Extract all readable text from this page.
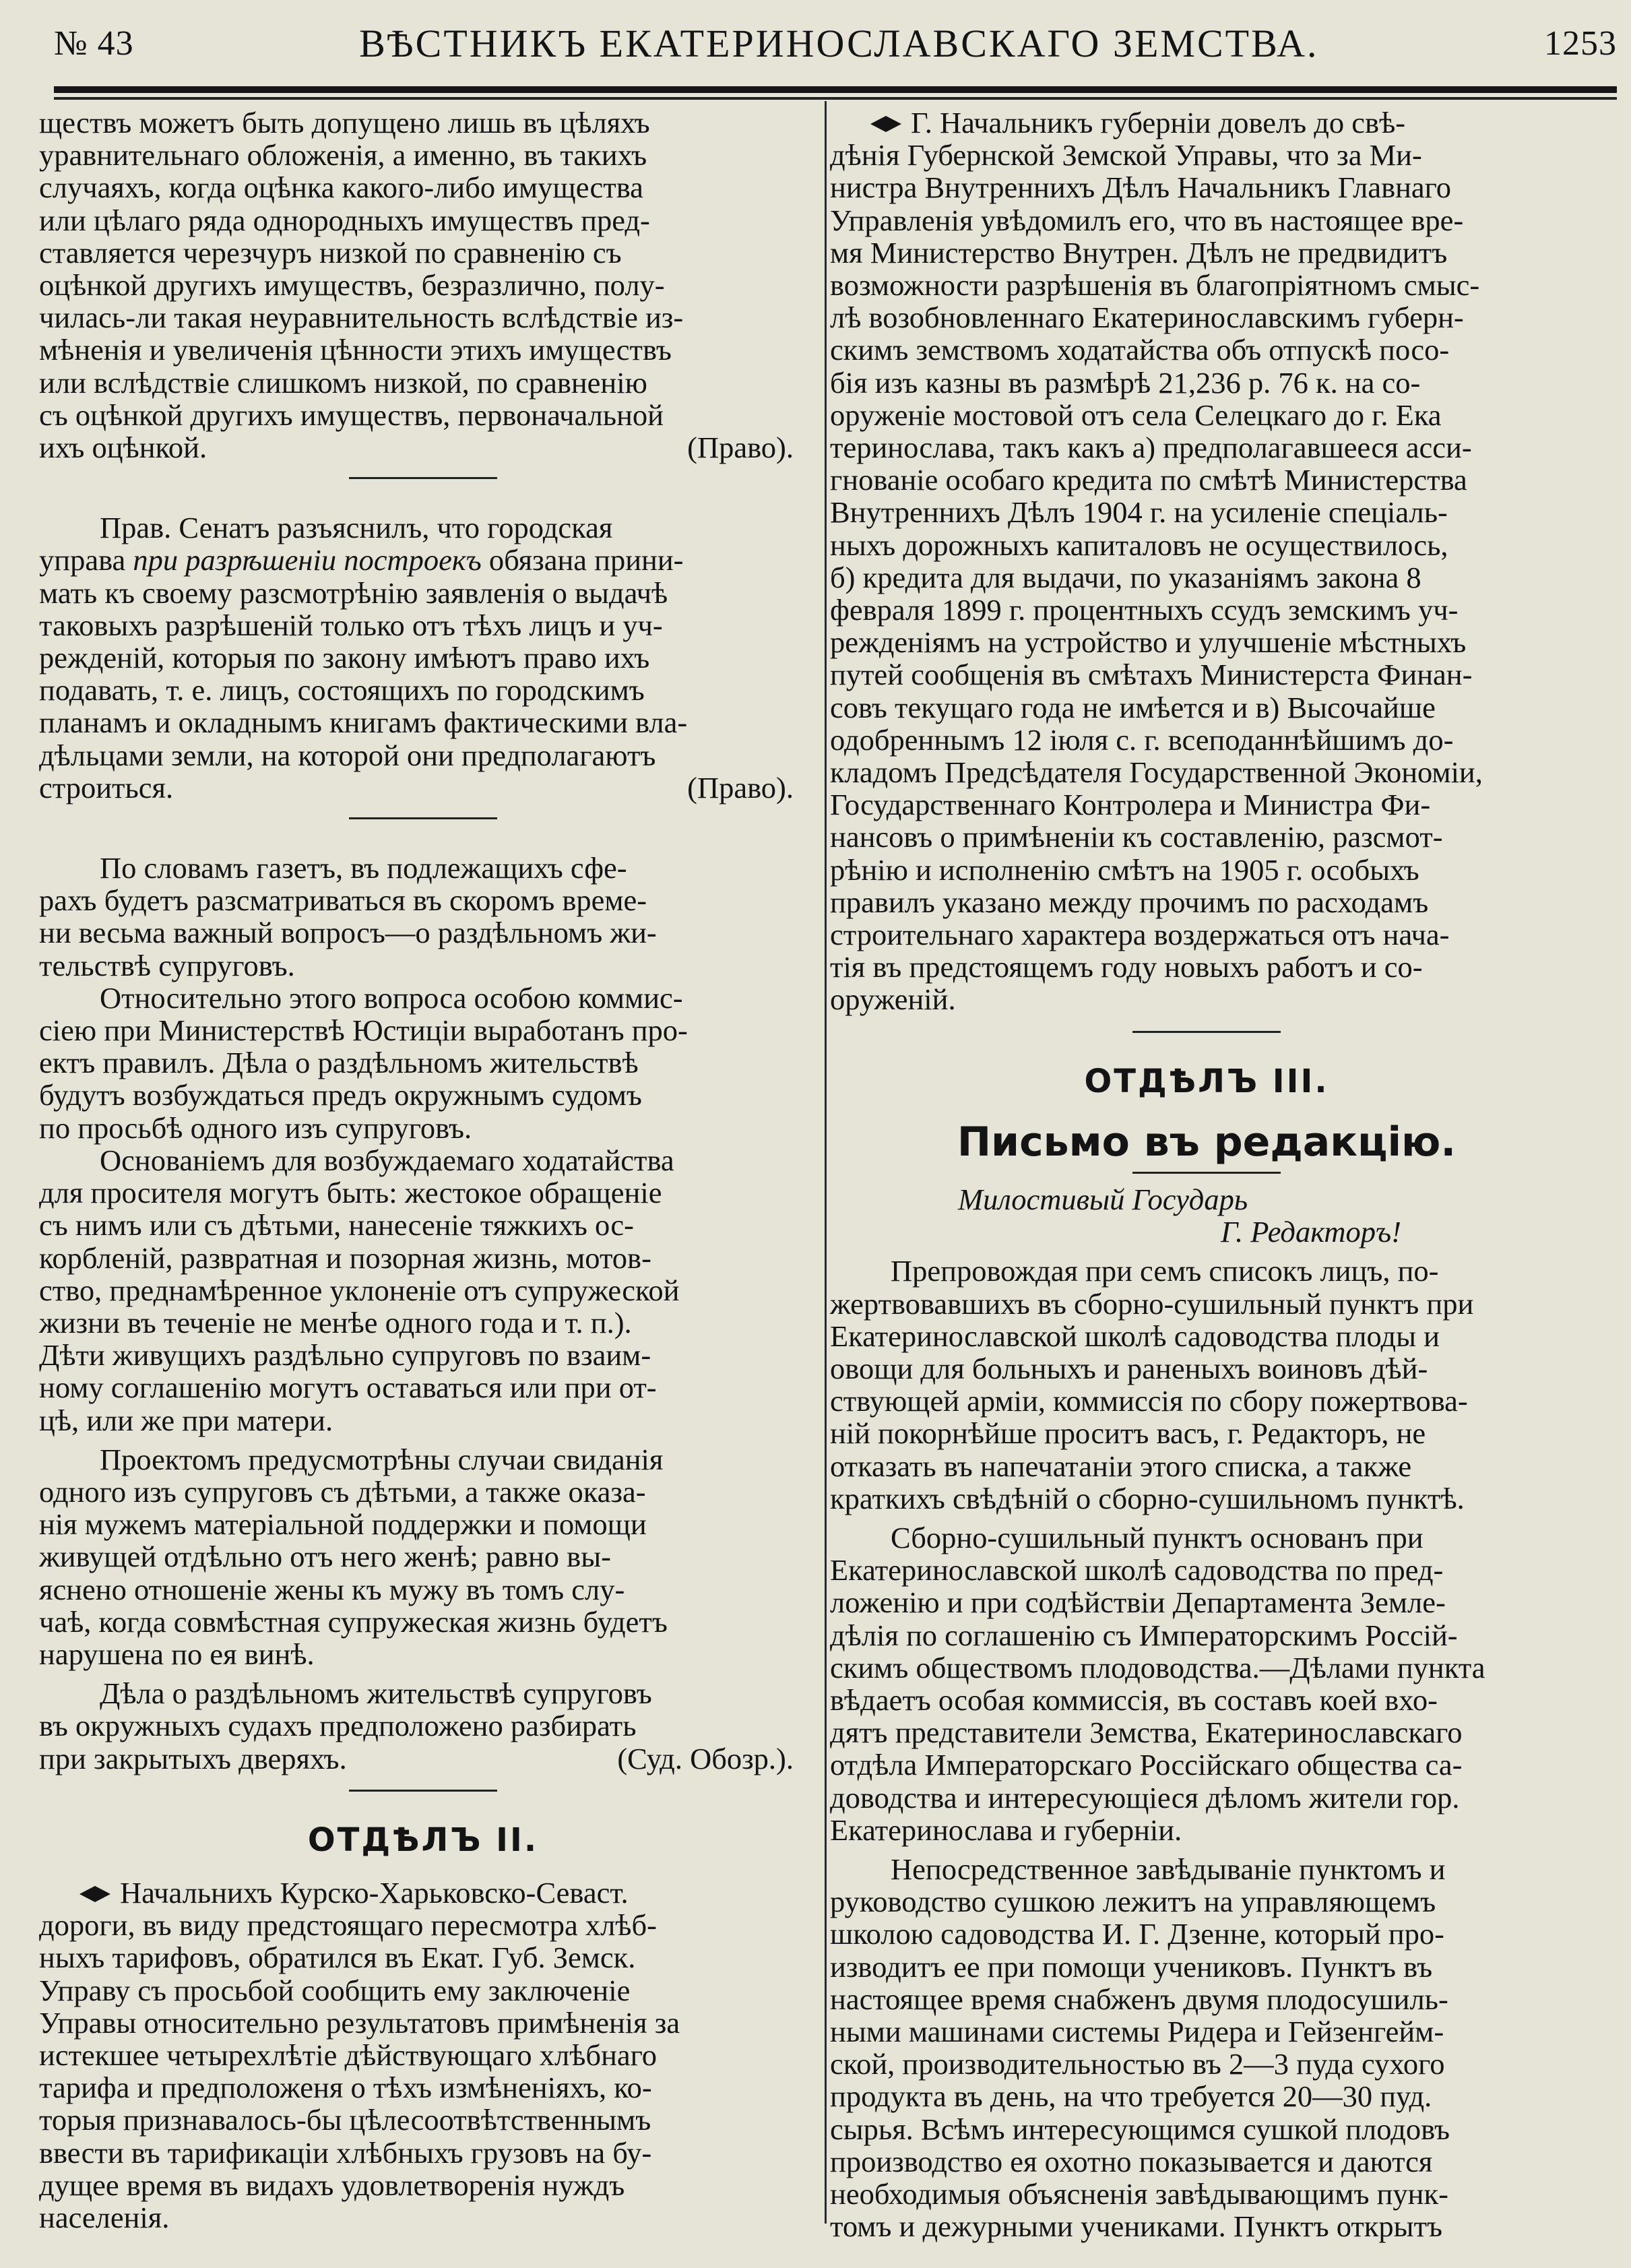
№ 43	ВѢСТНИКЪ ЕКАТЕРИНОСЛАВСКАГО ЗЕМСТВА.	1253
ществъ можетъ быть допущено лишь въ цѣляхъ
уравнительнаго обложенія, а именно, въ такихъ
случаяхъ, когда оцѣнка какого-либо имущества
или цѣлаго ряда однородныхъ имуществъ пред-
ставляется черезчуръ низкой по сравненію съ
оцѣнкой другихъ имуществъ, безразлично, полу-
чилась-ли такая неуравнительность вслѣдствіе из-
мѣненія и увеличенія цѣнности этихъ имуществъ
или вслѣдствіе слишкомъ низкой, по сравненію
съ оцѣнкой другихъ имуществъ, первоначальной
ихъ оцѣнкой.	(Право).
Прав. Сенатъ разъяснилъ, что городская
управа при разрѣшеніи построекъ обязана прини-
мать къ своему разсмотрѣнію заявленія о выдачѣ
таковыхъ разрѣшеній только отъ тѣхъ лицъ и уч-
режденій, которыя по закону имѣютъ право ихъ
подавать, т. е. лицъ, состоящихъ по городскимъ
планамъ и окладнымъ книгамъ фактическими вла-
дѣльцами земли, на которой они предполагаютъ
строиться.	(Право).
По словамъ газетъ, въ подлежащихъ сфе-
рахъ будетъ разсматриваться въ скоромъ време-
ни весьма важный вопросъ—о раздѣльномъ жи-
тельствѣ супруговъ.
Относительно этого вопроса особою коммис-
сіею при Министерствѣ Юстиціи выработанъ про-
ектъ правилъ. Дѣла о раздѣльномъ жительствѣ
будутъ возбуждаться предъ окружнымъ судомъ
по просьбѣ одного изъ супруговъ.
Основаніемъ для возбуждаемаго ходатайства
для просителя могутъ быть: жестокое обращеніе
съ нимъ или съ дѣтьми, нанесеніе тяжкихъ ос-
корбленій, развратная и позорная жизнь, мотов-
ство, преднамѣренное уклоненіе отъ супружеской
жизни въ теченіе не менѣе одного года и т. п.).
Дѣти живущихъ раздѣльно супруговъ по взаим-
ному соглашенію могутъ оставаться или при от-
цѣ, или же при матери.
Проектомъ предусмотрѣны случаи свиданія
одного изъ супруговъ съ дѣтьми, а также оказа-
нія мужемъ матеріальной поддержки и помощи
живущей отдѣльно отъ него женѣ; равно вы-
яснено отношеніе жены къ мужу въ томъ слу-
чаѣ, когда совмѣстная супружеская жизнь будетъ
нарушена по ея винѣ.
Дѣла о раздѣльномъ жительствѣ супруговъ
въ окружныхъ судахъ предположено разбирать
при закрытыхъ дверяхъ.	(Суд. Обозр.).
ОТДѢЛЪ II.
Начальнихъ Курско-Харьковско-Севаст.
дороги, въ виду предстоящаго пересмотра хлѣб-
ныхъ тарифовъ, обратился въ Екат. Губ. Земск.
Управу съ просьбой сообщить ему заключеніе
Управы относительно результатовъ примѣненія за
истекшее четырехлѣтіе дѣйствующаго хлѣбнаго
тарифа и предположеня о тѣхъ измѣненіяхъ, ко-
торыя признавалось-бы цѣлесоотвѣтственнымъ
ввести въ тарификаціи хлѣбныхъ грузовъ на бу-
дущее время въ видахъ удовлетворенія нуждъ
населенія.
Г. Начальникъ губерніи довелъ до свѣ-
дѣнія Губернской Земской Управы, что за Ми-
нистра Внутреннихъ Дѣлъ Начальникъ Главнаго
Управленія увѣдомилъ его, что въ настоящее вре-
мя Министерство Внутрен. Дѣлъ не предвидитъ
возможности разрѣшенія въ благопріятномъ смыс-
лѣ возобновленнаго Екатеринославскимъ губерн-
скимъ земствомъ ходатайства объ отпускѣ посо-
бія изъ казны въ размѣрѣ 21,236 р. 76 к. на со-
оруженіе мостовой отъ села Селецкаго до г. Ека
теринослава, такъ какъ а) предполагавшееся асси-
гнованіе особаго кредита по смѣтѣ Министерства
Внутреннихъ Дѣлъ 1904 г. на усиленіе спеціаль-
ныхъ дорожныхъ капиталовъ не осуществилось,
б) кредита для выдачи, по указаніямъ закона 8
февраля 1899 г. процентныхъ ссудъ земскимъ уч-
режденіямъ на устройство и улучшеніе мѣстныхъ
путей сообщенія въ смѣтахъ Министерста Финан-
совъ текущаго года не имѣется и в) Высочайше
одобреннымъ 12 іюля с. г. всеподаннѣйшимъ до-
кладомъ Предсѣдателя Государственной Экономіи,
Государственнаго Контролера и Министра Фи-
нансовъ о примѣненіи къ составленію, разсмот-
рѣнію и исполненію смѣтъ на 1905 г. особыхъ
правилъ указано между прочимъ по расходамъ
строительнаго характера воздержаться отъ нача-
тія въ предстоящемъ году новыхъ работъ и со-
оруженій.
ОТДѢЛЪ III.
Письмо въ редакцію.
Милостивый Государь
Г. Редакторъ!
Препровождая при семъ списокъ лицъ, по-
жертвовавшихъ въ сборно-сушильный пунктъ при
Екатеринославской школѣ садоводства плоды и
овощи для больныхъ и раненыхъ воиновъ дѣй-
ствующей арміи, коммиссія по сбору пожертвова-
ній покорнѣйше проситъ васъ, г. Редакторъ, не
отказать въ напечатаніи этого списка, а также
краткихъ свѣдѣній о сборно-сушильномъ пунктѣ.
Сборно-сушильный пунктъ основанъ при
Екатеринославской школѣ садоводства по пред-
ложенію и при содѣйствіи Департамента Земле-
дѣлія по соглашенію съ Императорскимъ Россій-
скимъ обществомъ плодоводства.—Дѣлами пункта
вѣдаетъ особая коммиссія, въ составъ коей вхо-
дятъ представители Земства, Екатеринославскаго
отдѣла Императорскаго Россійскаго общества са-
доводства и интересующіеся дѣломъ жители гор.
Екатеринослава и губерніи.
Непосредственное завѣдываніе пунктомъ и
руководство сушкою лежитъ на управляющемъ
школою садоводства И. Г. Дзенне, который про-
изводитъ ее при помощи учениковъ. Пунктъ въ
настоящее время снабженъ двумя плодосушиль-
ными машинами системы Ридера и Гейзенгейм-
ской, производительностью въ 2—3 пуда сухого
продукта въ день, на что требуется 20—30 пуд.
сырья. Всѣмъ интересующимся сушкой плодовъ
производство ея охотно показывается и даются
необходимыя объясненія завѣдывающимъ пунк-
томъ и дежурными учениками. Пунктъ открытъ
